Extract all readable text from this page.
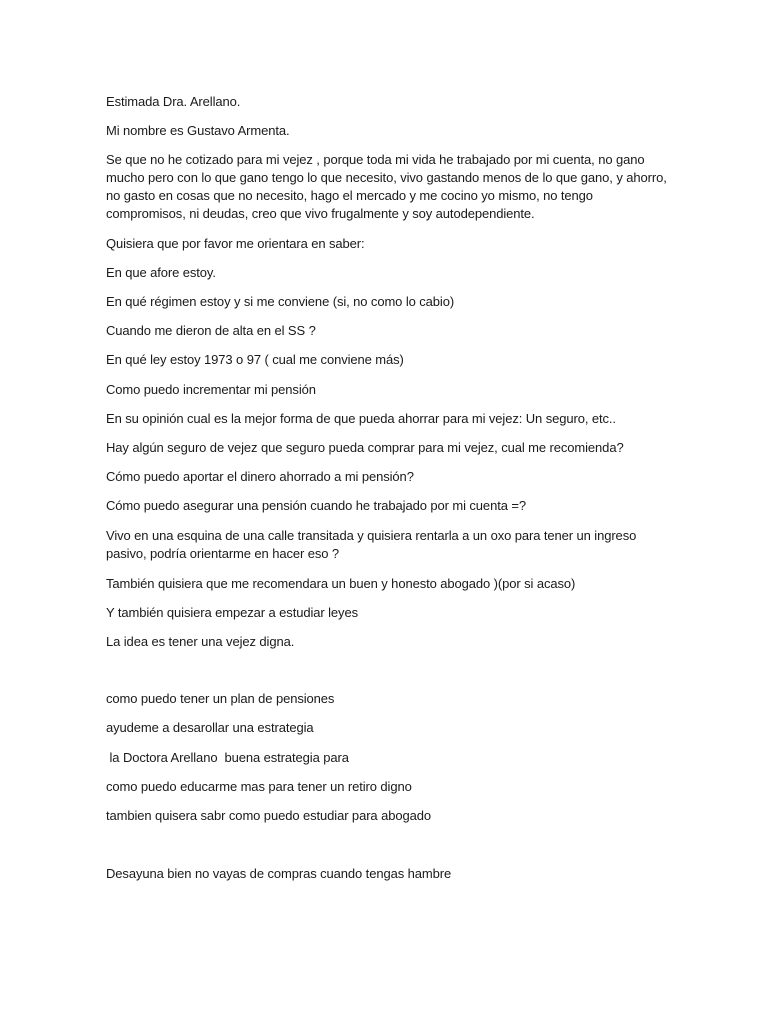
Estimada Dra. Arellano.

Mi nombre es Gustavo Armenta.

Se que no he cotizado para mi vejez , porque toda mi vida he trabajado por mi cuenta, no gano

mucho pero con lo que gano tengo lo que necesito, vivo gastando menos de lo que gano, y ahorro,

no gasto en cosas que no necesito, hago el mercado y me cocino yo mismo, no tengo

compromisos, ni deudas, creo que vivo frugalmente y soy autodependiente.

Quisiera que por favor me orientara en saber:

En que afore estoy.

En qué régimen estoy y si me conviene (si, no como lo cabio)

Cuando me dieron de alta en el SS ?

En qué ley estoy 1973 o 97 ( cual me conviene más)

Como puedo incrementar mi pensión

En su opinión cual es la mejor forma de que pueda ahorrar para mi vejez: Un seguro, etc..

Hay algún seguro de vejez que seguro pueda comprar para mi vejez, cual me recomienda?

Cómo puedo aportar el dinero ahorrado a mi pensión?

Cómo puedo asegurar una pensión cuando he trabajado por mi cuenta =?

Vivo en una esquina de una calle transitada y quisiera rentarla a un oxo para tener un ingreso

pasivo, podría orientarme en hacer eso ?

También quisiera que me recomendara un buen y honesto abogado )(por si acaso)

Y también quisiera empezar a estudiar leyes

La idea es tener una vejez digna.

como puedo tener un plan de pensiones

ayudeme a desarollar una estrategia

la Doctora Arellano  buena estrategia para

como puedo educarme mas para tener un retiro digno

tambien quisera sabr como puedo estudiar para abogado

Desayuna bien no vayas de compras cuando tengas hambre
